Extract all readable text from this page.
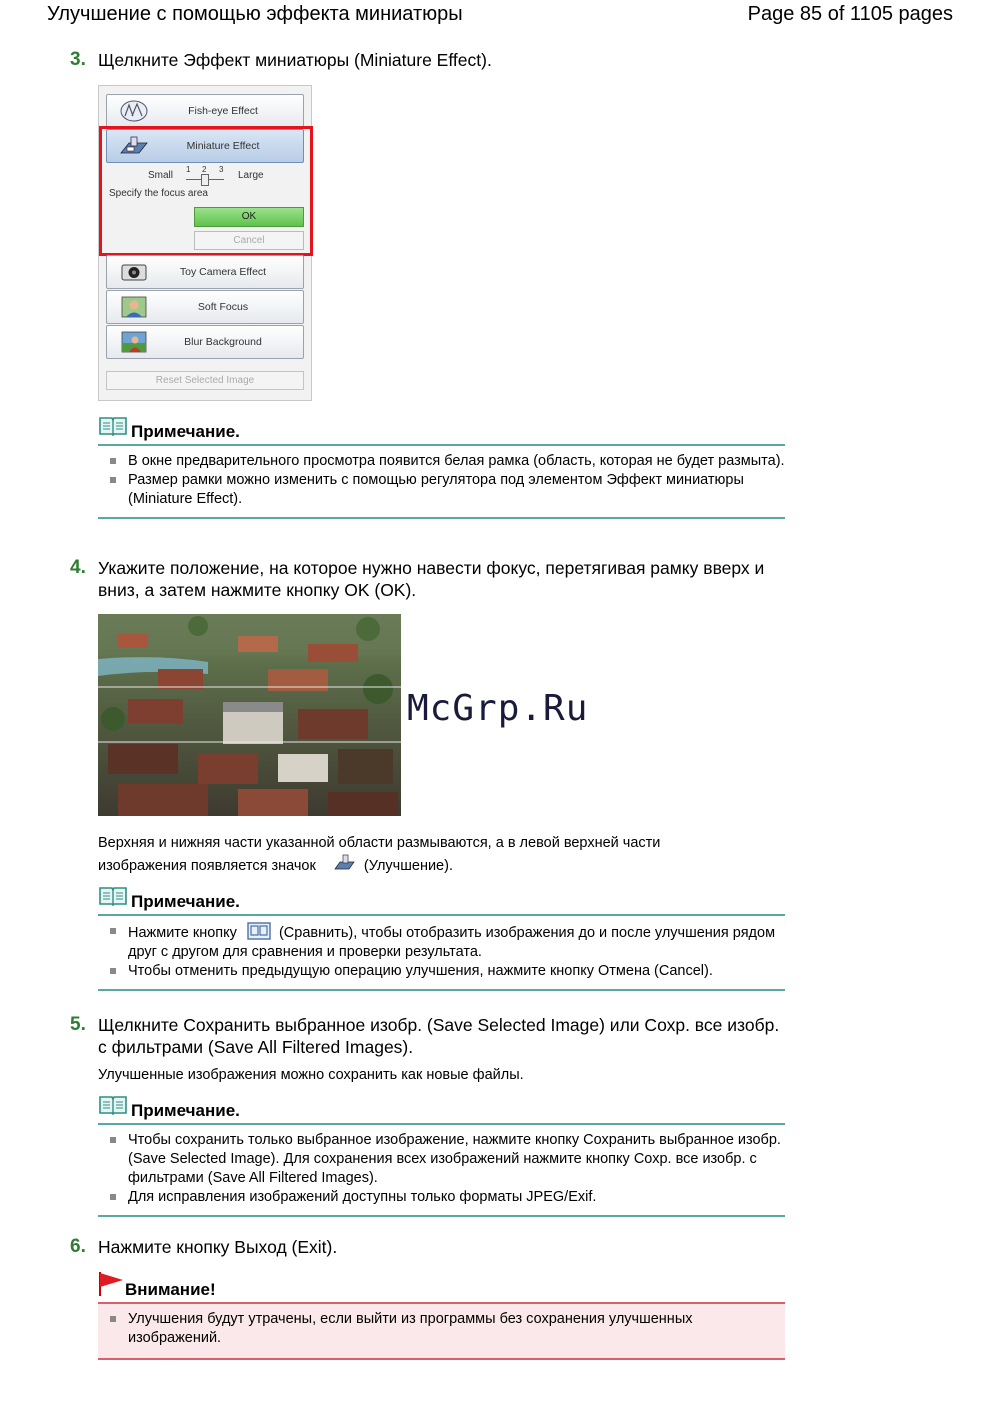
Улучшение с помощью эффекта миниатюры	Page 85 of 1105 pages
3. Щелкните Эффект миниатюры (Miniature Effect).
Fish-eye Effect
Miniature Effect
Small
1 2 3
Large
Specify the focus area
OK
Cancel
Toy Camera Effect
Soft Focus
Blur Background
Reset Selected Image
Примечание.
В окне предварительного просмотра появится белая рамка (область, которая не будет размыта).
Размер рамки можно изменить с помощью регулятора под элементом Эффект миниатюры (Miniature Effect).
4. Укажите положение, на которое нужно навести фокус, перетягивая рамку вверх и вниз, а затем нажмите кнопку OK (OK).
McGrp.Ru
Верхняя и нижняя части указанной области размываются, а в левой верхней части
изображения появляется значок	(Улучшение).
Примечание.
Нажмите кнопку	(Сравнить), чтобы отобразить изображения до и после улучшения рядом друг с другом для сравнения и проверки результата.
Чтобы отменить предыдущую операцию улучшения, нажмите кнопку Отмена (Cancel).
5. Щелкните Сохранить выбранное изобр. (Save Selected Image) или Сохр. все изобр. с фильтрами (Save All Filtered Images).
Улучшенные изображения можно сохранить как новые файлы.
Примечание.
Чтобы сохранить только выбранное изображение, нажмите кнопку Сохранить выбранное изобр. (Save Selected Image). Для сохранения всех изображений нажмите кнопку Сохр. все изобр. с фильтрами (Save All Filtered Images).
Для исправления изображений доступны только форматы JPEG/Exif.
6. Нажмите кнопку Выход (Exit).
Внимание!
Улучшения будут утрачены, если выйти из программы без сохранения улучшенных изображений.
